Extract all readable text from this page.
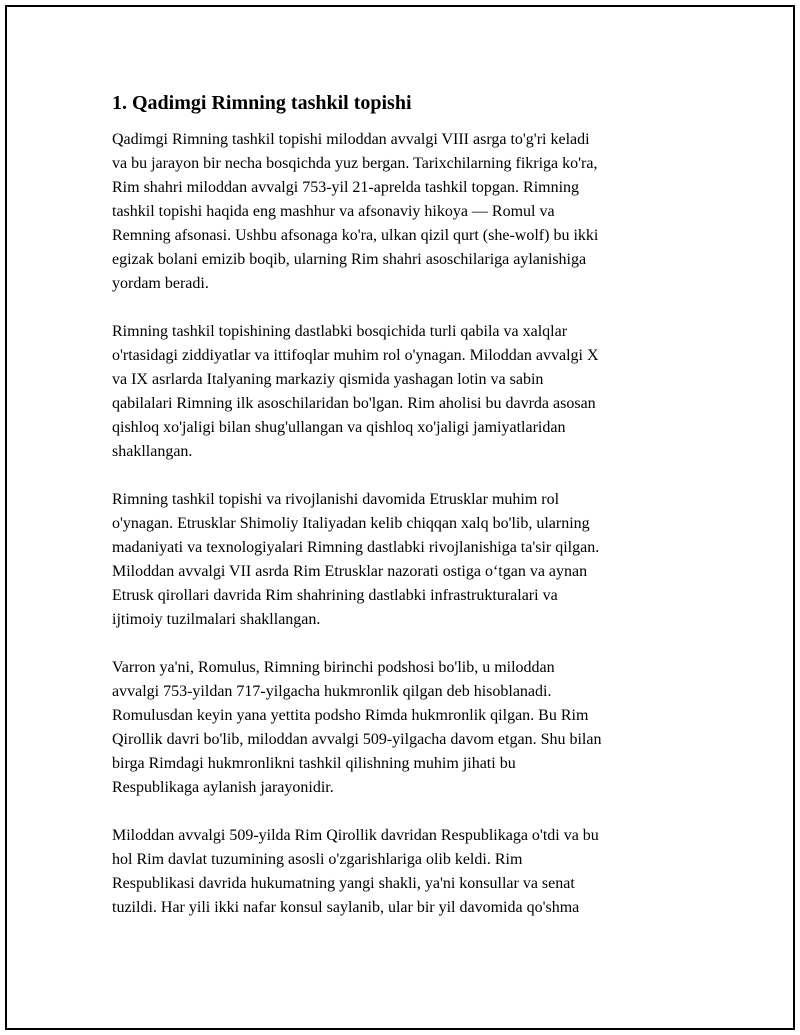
1. Qadimgi Rimning tashkil topishi

Qadimgi Rimning tashkil topishi miloddan avvalgi VIII asrga to'g'ri keladi
va bu jarayon bir necha bosqichda yuz bergan. Tarixchilarning fikriga ko'ra,
Rim shahri miloddan avvalgi 753-yil 21-aprelda tashkil topgan. Rimning
tashkil topishi haqida eng mashhur va afsonaviy hikoya — Romul va
Remning afsonasi. Ushbu afsonaga ko'ra, ulkan qizil qurt (she-wolf) bu ikki
egizak bolani emizib boqib, ularning Rim shahri asoschilariga aylanishiga
yordam beradi.

Rimning tashkil topishining dastlabki bosqichida turli qabila va xalqlar
o'rtasidagi ziddiyatlar va ittifoqlar muhim rol o'ynagan. Miloddan avvalgi X
va IX asrlarda Italyaning markaziy qismida yashagan lotin va sabin
qabilalari Rimning ilk asoschilaridan bo'lgan. Rim aholisi bu davrda asosan
qishloq xo'jaligi bilan shug'ullangan va qishloq xo'jaligi jamiyatlaridan
shakllangan.

Rimning tashkil topishi va rivojlanishi davomida Etrusklar muhim rol
o'ynagan. Etrusklar Shimoliy Italiyadan kelib chiqqan xalq bo'lib, ularning
madaniyati va texnologiyalari Rimning dastlabki rivojlanishiga ta'sir qilgan.
Miloddan avvalgi VII asrda Rim Etrusklar nazorati ostiga o‘tgan va aynan
Etrusk qirollari davrida Rim shahrining dastlabki infrastrukturalari va
ijtimoiy tuzilmalari shakllangan.

Varron ya'ni, Romulus, Rimning birinchi podshosi bo'lib, u miloddan
avvalgi 753-yildan 717-yilgacha hukmronlik qilgan deb hisoblanadi.
Romulusdan keyin yana yettita podsho Rimda hukmronlik qilgan. Bu Rim
Qirollik davri bo'lib, miloddan avvalgi 509-yilgacha davom etgan. Shu bilan
birga Rimdagi hukmronlikni tashkil qilishning muhim jihati bu
Respublikaga aylanish jarayonidir.

Miloddan avvalgi 509-yilda Rim Qirollik davridan Respublikaga o'tdi va bu
hol Rim davlat tuzumining asosli o'zgarishlariga olib keldi. Rim
Respublikasi davrida hukumatning yangi shakli, ya'ni konsullar va senat
tuzildi. Har yili ikki nafar konsul saylanib, ular bir yil davomida qo'shma
